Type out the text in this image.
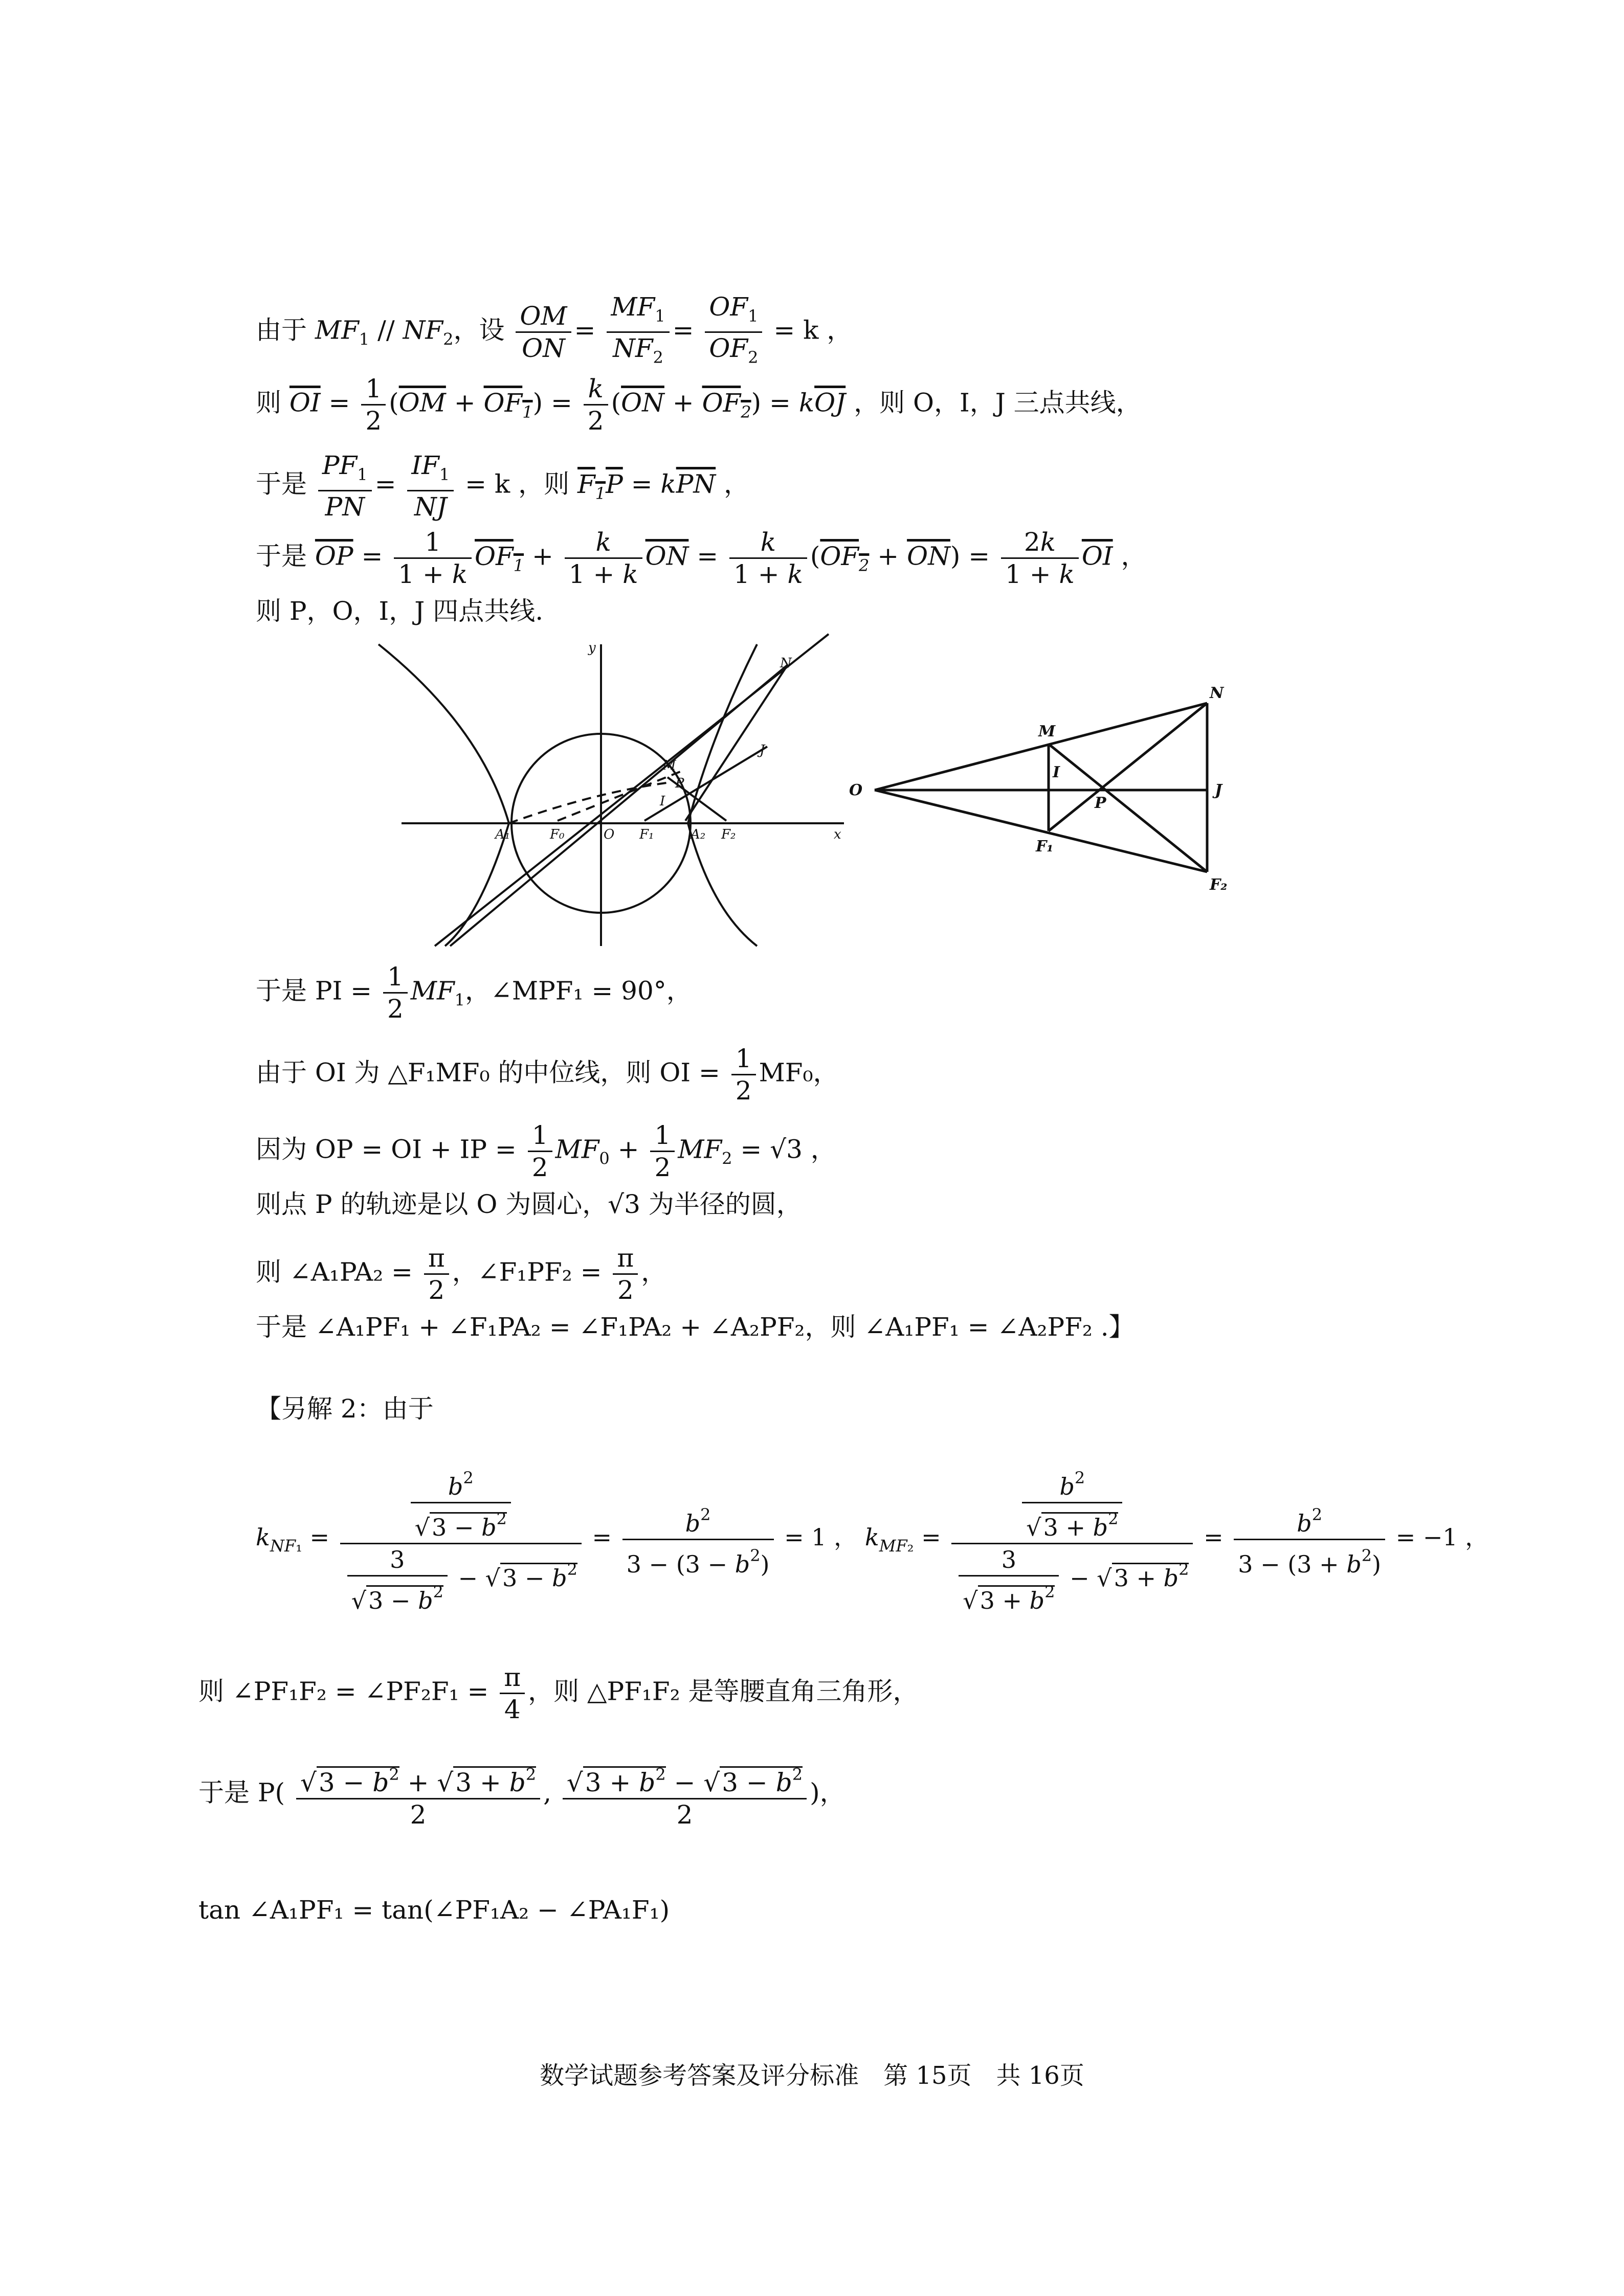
由于 $MF_1 // NF_2$，设 $\frac{OM}{ON} = \frac{MF_1}{NF_2} = \frac{OF_1}{OF_2} = k$ ，
则 $\overline{OI} = \frac{1}{2} (\overline{OM} + OF_1) = \frac{k}{2} (\overline{ON} + OF_2) = k\overline{OJ}$ ，则 O，I，J 三点共线，
于是 $\frac{PF_1}{PN} = \frac{IF_1}{NJ} = k$ ，则 $F_1P = k\overline{PN}$ ，
于是 $\overline{OP} = \frac{1}{1 + k} OF_1 + \frac{k}{1 + k} \overline{ON} = \frac{k}{1 + k} (OF_2 + \overline{ON}) = \frac{2k}{1 + k} \overline{OI}$ ，
则 P，O，I，J 四点共线.
y
N
M
P
I
J
A₁	F₀	O F₁	A₂ F₂	x
O
N
M
I
P
J
F₁
F₂
于是 PI = $\frac{1}{2} MF_1$，∠MPF₁ = 90°，
由于 OI 为 △F₁MF₀ 的中位线，则 OI = $\frac{1}{2} MF_0$，
因为 OP = OI + IP = $\frac{1}{2} MF_0 + \frac{1}{2} MF_2 = √3$ ，
则点 P 的轨迹是以 O 为圆心，√3 为半径的圆，
则 ∠A₁PA₂ = $\frac{\pi}{2}$ ，∠F₁PF₂ = $\frac{\pi}{2}$ ，
于是 ∠A₁PF₁ + ∠F₁PA₂ = ∠F₁PA₂ + ∠A₂PF₂，则 ∠A₁PF₁ = ∠A₂PF₂ .】
【另解 2：由于
$k_{NF_1} = \frac{\frac{b^2}{√3 - b^2}}{\frac{3}{√3 - b^2} - √3 - b^2} = \frac{b^2}{3 - (3 - b^2)} = 1$ ， $k_{MF_2} = \frac{\frac{b^2}{√3 + b^2}}{\frac{3}{√3 + b^2} - √3 + b^2} = \frac{b^2}{3 - (3 + b^2)} = -1$ ，
则 ∠PF₁F₂ = ∠PF₂F₁ = $\frac{\pi}{4}$ ，则 △PF₁F₂ 是等腰直角三角形，
于是 $P( \frac{√3 - b^2 + √3 + b^2}{2}$ , $\frac{√3 + b^2 - √3 - b^2}{2}$ )，
tan ∠A₁PF₁ = tan(∠PF₁A₂ − ∠PA₁F₁)
数学试题参考答案及评分标准　第 15页　共 16页
